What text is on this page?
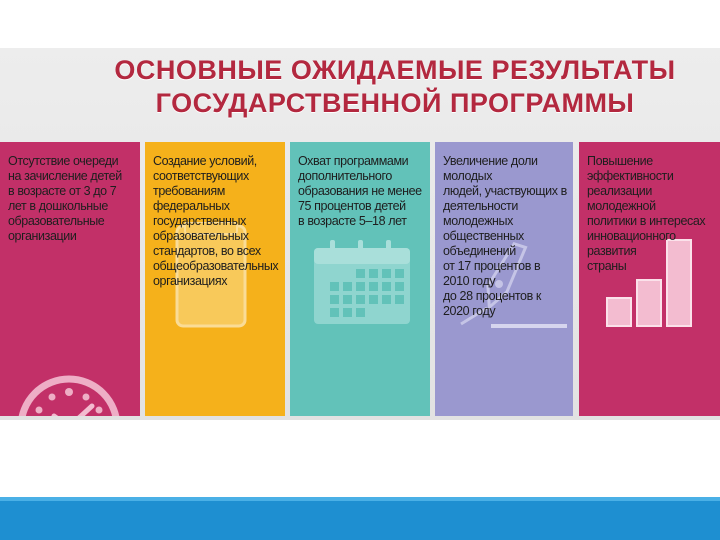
ОСНОВНЫЕ ОЖИДАЕМЫЕ РЕЗУЛЬТАТЫ
ГОСУДАРСТВЕННОЙ ПРОГРАММЫ
Отсутствие очереди
на зачисление детей
в возрасте от 3 до 7
лет в дошкольные
образовательные
организации
Создание условий,
соответствующих
требованиям федеральных
государственных
образовательных
стандартов, во всех
общеобразовательных
организациях
Охват программами
дополнительного
образования не менее
75 процентов детей
в возрасте 5–18 лет
Увеличение доли молодых
людей, участвующих в
деятельности молодежных
общественных
объединений
от 17 процентов в 2010 году
до 28 процентов к 2020 году
Повышение эффективности
реализации молодежной
политики в интересах
инновационного развития
страны
